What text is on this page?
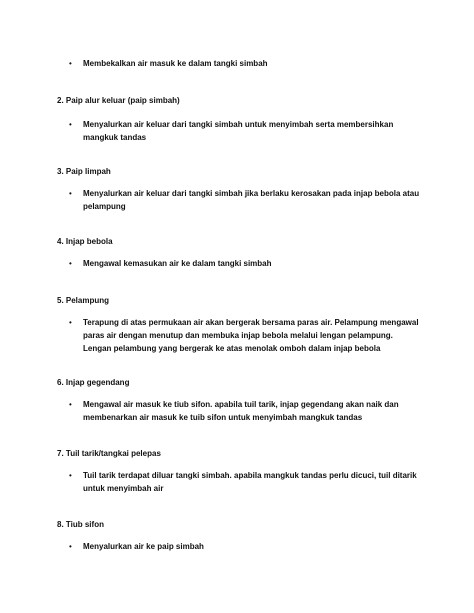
•	Membekalkan air masuk ke dalam tangki simbah

2. Paip alur keluar (paip simbah)
•	Menyalurkan air keluar dari tangki simbah untuk menyimbah serta membersihkan mangkuk tandas

3. Paip limpah
•	Menyalurkan air keluar dari tangki simbah jika berlaku kerosakan pada injap bebola atau pelampung

4. Injap bebola
•	Mengawal kemasukan air ke dalam tangki simbah

5. Pelampung
•	Terapung di atas permukaan air akan bergerak bersama paras air. Pelampung mengawal paras air dengan menutup dan membuka injap bebola melalui lengan pelampung. Lengan pelambung yang bergerak ke atas menolak omboh dalam injap bebola

6. Injap gegendang
•	Mengawal air masuk ke tiub sifon. apabila tuil tarik, injap gegendang akan naik dan membenarkan air masuk ke tuib sifon untuk menyimbah mangkuk tandas

7. Tuil tarik/tangkai pelepas
•	Tuil tarik terdapat diluar tangki simbah. apabila mangkuk tandas perlu dicuci, tuil ditarik untuk menyimbah air

8. Tiub sifon
•	Menyalurkan air ke paip simbah
